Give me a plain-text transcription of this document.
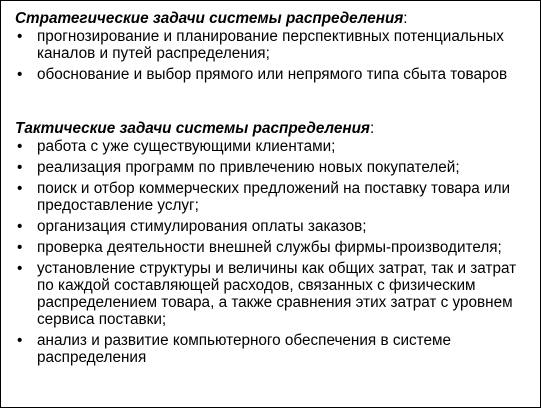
Стратегические задачи системы распределения:

• прогнозирование и планирование перспективных потенциальных каналов и путей распределения;
• обоснование и выбор прямого или непрямого типа сбыта товаров

Тактические задачи системы распределения:

• работа с уже существующими клиентами;
• реализация программ по привлечению новых покупателей;
• поиск и отбор коммерческих предложений на поставку товара или предоставление услуг;
• организация стимулирования оплаты заказов;
• проверка деятельности внешней службы фирмы-производителя;
• установление структуры и величины как общих затрат, так и затрат по каждой составляющей расходов, связанных с физическим распределением товара, а также сравнения этих затрат с уровнем сервиса поставки;
• анализ и развитие компьютерного обеспечения в системе распределения
